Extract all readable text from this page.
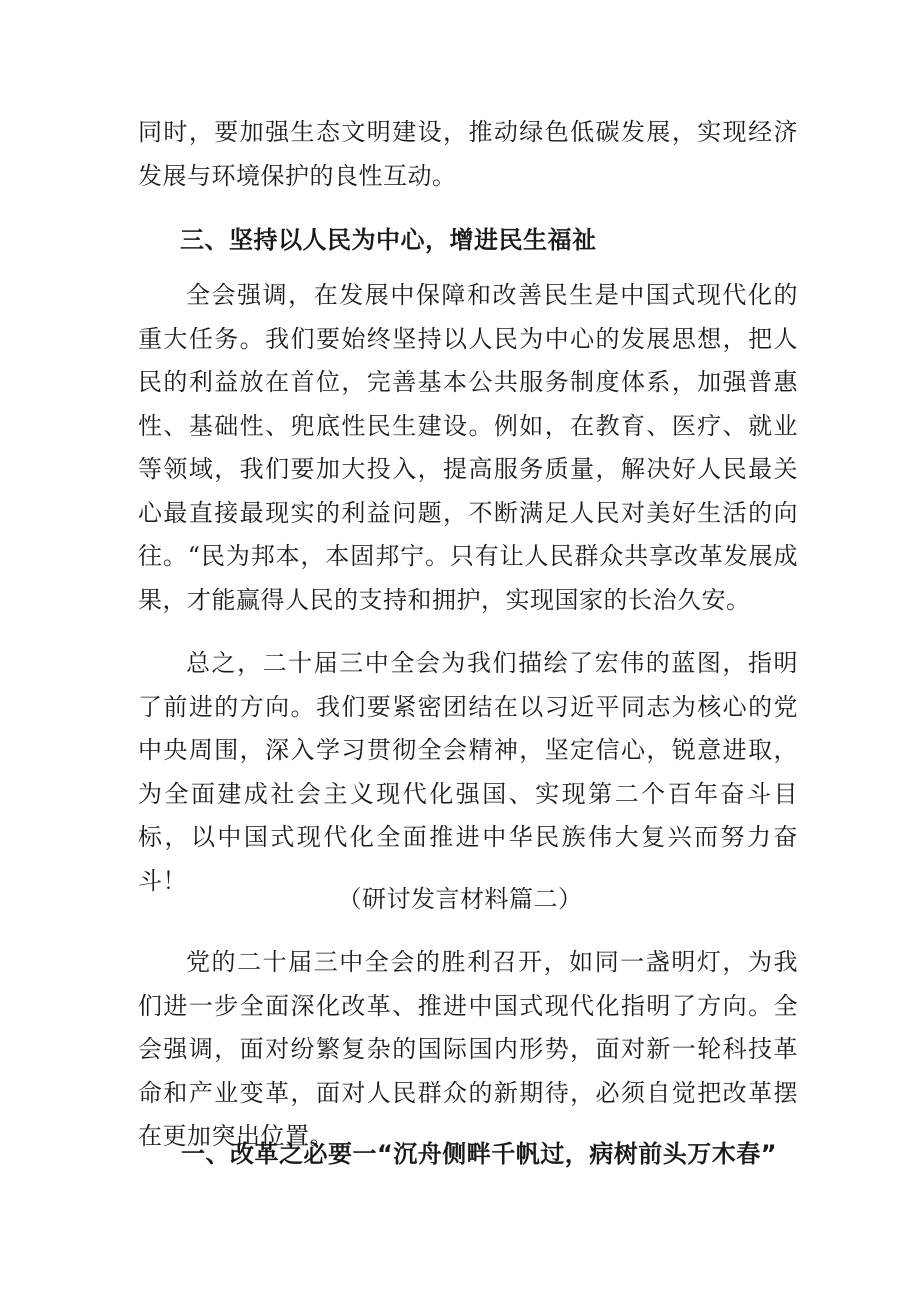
同时，要加强生态文明建设，推动绿色低碳发展，实现经济发展与环境保护的良性互动。

三、坚持以人民为中心，增进民生福祉

全会强调，在发展中保障和改善民生是中国式现代化的重大任务。我们要始终坚持以人民为中心的发展思想，把人民的利益放在首位，完善基本公共服务制度体系，加强普惠性、基础性、兜底性民生建设。例如，在教育、医疗、就业等领域，我们要加大投入，提高服务质量，解决好人民最关心最直接最现实的利益问题，不断满足人民对美好生活的向往。“民为邦本，本固邦宁。只有让人民群众共享改革发展成果，才能赢得人民的支持和拥护，实现国家的长治久安。

总之，二十届三中全会为我们描绘了宏伟的蓝图，指明了前进的方向。我们要紧密团结在以习近平同志为核心的党中央周围，深入学习贯彻全会精神，坚定信心，锐意进取，为全面建成社会主义现代化强国、实现第二个百年奋斗目标，以中国式现代化全面推进中华民族伟大复兴而努力奋斗！

（研讨发言材料篇二）

党的二十届三中全会的胜利召开，如同一盏明灯，为我们进一步全面深化改革、推进中国式现代化指明了方向。全会强调，面对纷繁复杂的国际国内形势，面对新一轮科技革命和产业变革，面对人民群众的新期待，必须自觉把改革摆在更加突出位置。

一、改革之必要一“沉舟侧畔千帆过，病树前头万木春”
